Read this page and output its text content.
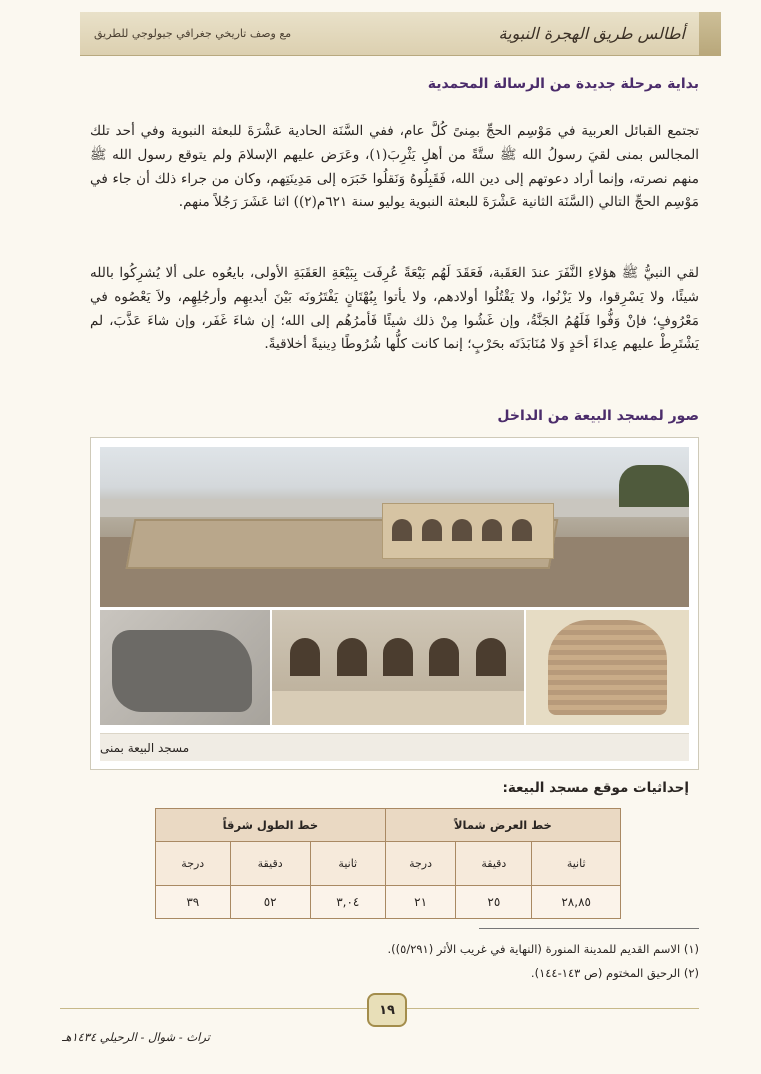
أطالس طريق الهجرة النبوية
مع وصف تاريخي جغرافي جيولوجي للطريق
بداية مرحلة جديدة من الرسالة المحمدية

تجتمع القبائل العربية في مَوْسِم الحجِّ بمِنىً كُلَّ عام، ففي السَّنَة الحادية عَشْرَةَ للبعثة النبوية وفي أحد تلك المجالس بمنى لقيَ رسولُ الله ﷺ ستَّةً من أهلِ يَثْرِبَ(١)، وعَرَض عليهم الإسلامَ ولم يتوقع رسول الله ﷺ منهم نصرته، وإنما أراد دعوتهم إلى دين الله، فَقَبِلُوهُ وَنَقلُوا خَبَرَه إلى مَدِينَتِهم، وكان من جراء ذلك أن جاء في مَوْسِم الحجِّ التالي (السَّنَة الثانية عَشْرَةَ للبعثة النبوية يوليو سنة ٦٢١م(٢)) اثنا عَشَرَ رَجُلاً منهم.

لقي النبيُّ ﷺ هؤلاءِ النَّفَرَ عندَ العَقَبة، فَعَقَدَ لَهُم بَيْعَةً عُرِفَت بِبَيْعَةِ العَقَبَةِ الأولى، بايعُوه على ألا يُشرِكُوا بالله شيئًا، ولا يَسْرِقوا، ولا يَزْنُوا، ولا يَقْتُلُوا أولادهم، ولا يأتوا بِبُهْتَانٍ يَفْتَرُونَه بَيْنَ أيديهِم وأرجُلِهِم، ولاَ يَعْصُوه في مَعْرُوفٍ؛ فإنْ وَفُّوا فَلَهُمُ الجَنَّةُ، وإن غَشُوا مِنْ ذلك شيئًا فَأمرُهُم إلى الله؛ إن شاءَ غَفَر، وإن شاءَ عَذَّبَ، لم يَشْتَرِطْ عليهم عِداءَ أحَدٍ وَلا مُنَابَذَتَه بحَرْبٍ؛ إنما كانت كلُّها شُرُوطًا دِينيةً أخلاقيةً.

صور لمسجد البيعة من الداخل
مسجد البيعة بمنى
إحداثيات موقع مسجد البيعة:
خط العرض شمالاً			خط الطول شرقاً		
ثانية	دقيقة	درجة	ثانية	دقيقة	درجة
٢٨,٨٥	٢٥	٢١	٣,٠٤	٥٢	٣٩
(١) الاسم القديم للمدينة المنورة (النهاية في غريب الأثر (٥/٢٩١)).
(٢) الرحيق المختوم (ص ١٤٣-١٤٤).
١٩
تراث - شوال - الرحيلي ١٤٣٤هـ
